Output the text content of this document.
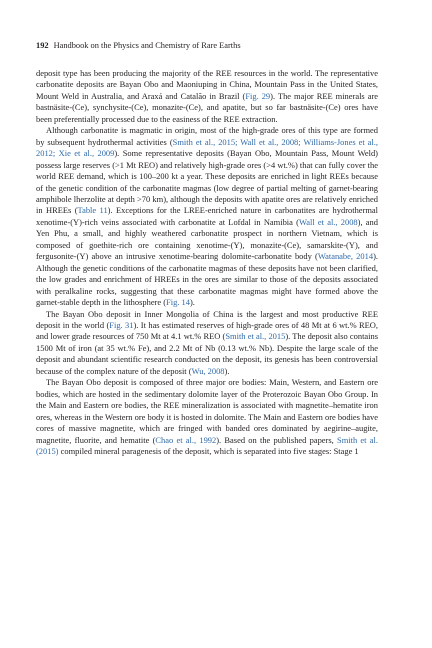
192 Handbook on the Physics and Chemistry of Rare Earths

deposit type has been producing the majority of the REE resources in the world. The representative carbonatite deposits are Bayan Obo and Maoniuping in China, Mountain Pass in the United States, Mount Weld in Australia, and Araxá and Catalão in Brazil (Fig. 29). The major REE minerals are bastnäsite-(Ce), synchysite-(Ce), monazite-(Ce), and apatite, but so far bastnäsite-(Ce) ores have been preferentially processed due to the easiness of the REE extraction.

Although carbonatite is magmatic in origin, most of the high-grade ores of this type are formed by subsequent hydrothermal activities (Smith et al., 2015; Wall et al., 2008; Williams-Jones et al., 2012; Xie et al., 2009). Some representative deposits (Bayan Obo, Mountain Pass, Mount Weld) possess large reserves (>1 Mt REO) and relatively high-grade ores (>4 wt.%) that can fully cover the world REE demand, which is 100–200 kt a year. These deposits are enriched in light REEs because of the genetic condition of the carbonatite magmas (low degree of partial melting of garnet-bearing amphibole lherzolite at depth >70 km), although the deposits with apatite ores are relatively enriched in HREEs (Table 11). Exceptions for the LREE-enriched nature in carbonatites are hydrothermal xenotime-(Y)-rich veins associated with carbonatite at Lofdal in Namibia (Wall et al., 2008), and Yen Phu, a small, and highly weathered carbonatite prospect in northern Vietnam, which is composed of goethite-rich ore containing xenotime-(Y), monazite-(Ce), samarskite-(Y), and fergusonite-(Y) above an intrusive xenotime-bearing dolomite-carbonatite body (Watanabe, 2014). Although the genetic conditions of the carbonatite magmas of these deposits have not been clarified, the low grades and enrichment of HREEs in the ores are similar to those of the deposits associated with peralkaline rocks, suggesting that these carbonatite magmas might have formed above the garnet-stable depth in the lithosphere (Fig. 14).

The Bayan Obo deposit in Inner Mongolia of China is the largest and most productive REE deposit in the world (Fig. 31). It has estimated reserves of high-grade ores of 48 Mt at 6 wt.% REO, and lower grade resources of 750 Mt at 4.1 wt.% REO (Smith et al., 2015). The deposit also contains 1500 Mt of iron (at 35 wt.% Fe), and 2.2 Mt of Nb (0.13 wt.% Nb). Despite the large scale of the deposit and abundant scientific research conducted on the deposit, its genesis has been controversial because of the complex nature of the deposit (Wu, 2008).

The Bayan Obo deposit is composed of three major ore bodies: Main, Western, and Eastern ore bodies, which are hosted in the sedimentary dolomite layer of the Proterozoic Bayan Obo Group. In the Main and Eastern ore bodies, the REE mineralization is associated with magnetite–hematite iron ores, whereas in the Western ore body it is hosted in dolomite. The Main and Eastern ore bodies have cores of massive magnetite, which are fringed with banded ores dominated by aegirine–augite, magnetite, fluorite, and hematite (Chao et al., 1992). Based on the published papers, Smith et al. (2015) compiled mineral paragenesis of the deposit, which is separated into five stages: Stage 1
